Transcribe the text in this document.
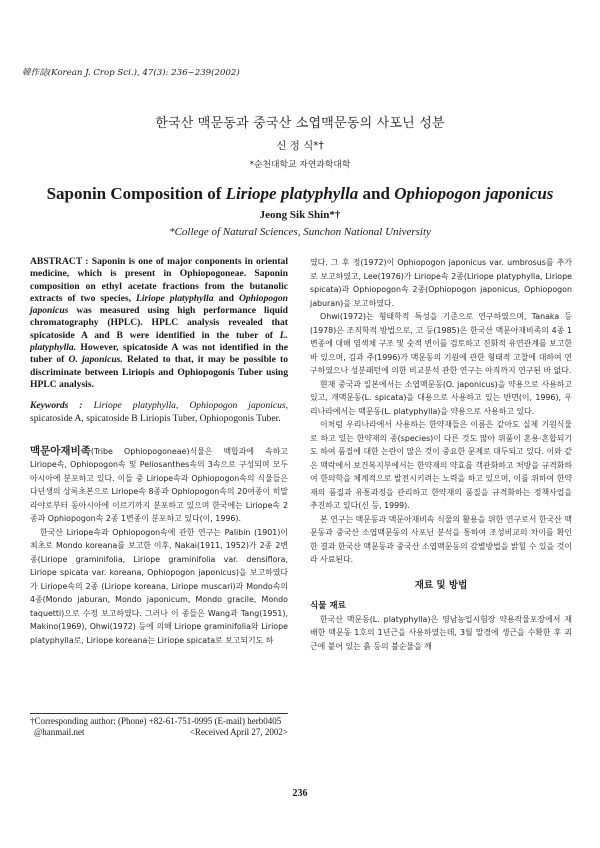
韓作誌(Korean J. Crop Sci.), 47(3): 236~239(2002)
한국산 맥문동과 중국산 소엽맥문동의 사포닌 성분
신 정 식*†
*순천대학교 자연과학대학
Saponin Composition of Liriope platyphylla and Ophiopogon japonicus
Jeong Sik Shin*†
*College of Natural Sciences, Sunchon National University

ABSTRACT : Saponin is one of major conponents in oriental medicine, which is present in Ophiopogoneae. Saponin composition on ethyl acetate fractions from the butanolic extracts of two species, Liriope platyphylla and Ophiopogon japonicus was measured using high performance liquid chromatography (HPLC). HPLC analysis revealed that spicatoside A and B were identified in the tuber of L. platyphylla. However, spicatoside A was not identified in the tuber of O. japonicus. Related to that, it may be possible to discriminate between Liriopis and Ophiopogonis Tuber using HPLC analysis.

Keywords : Liriope platyphylla, Ophiopogon japonicus, spicatoside A, spicatoside B Liriopis Tuber, Ophiopogonis Tuber.

맥문아재비족(Tribe Ophiopogoneae)식물은 백합과에 속하고 Liriope속, Ophiopogon속 및 Peliosanthes속의 3속으로 구성되며 모두 아시아에 분포하고 있다. 이들 중 Liriope속과 Ophiopogon속의 식물들은 다년생의 상록초본으로 Liriope속 8종과 Ophiopogon속의 20여종이 히말라야로부터 동아시아에 이르기까지 분포하고 있으며 한국에는 Liriope속 2종과 Ophiopogon속 2종 1변종이 분포하고 있다(이, 1996).

한국산 Liriope속과 Ophiopogon속에 관한 연구는 Palibin (1901)이 최초로 Mondo koreana를 보고한 이후, Nakai(1911, 1952)가 2종 2변종(Liriope graminifolia, Liriope graminifolia var. densiflora, Liriope spicata var. koreana, Ophiopogon japonicus)을 보고하였다가 Liriope속의 2종 (Liriope koreana, Liriope muscari)과 Mondo속의 4종(Mondo jaburan, Mondo japonicum, Mondo gracile, Mondo taquetti)으로 수정 보고하였다. 그러나 이 종들은 Wang과 Tang(1951), Makino(1969), Ohwi(1972) 등에 의해 Liriope graminifolia와 Liriope platyphylla로, Liriope koreana는 Liriope spicata로 보고되기도 하

였다. 그 후 정(1972)이 Ophiopogon japonicus var. umbrosus를 추가로 보고하였고, Lee(1976)가 Liriope속 2종(Liriope platyphylla, Liriope spicata)과 Ophiopogon속 2종(Ophiopogon japonicus, Ophiopogon jaburan)을 보고하였다.

Ohwi(1972)는 형태학적 특성을 기준으로 연구하였으며, Tanaka 등(1978)은 조직학적 방법으로, 고 등(1985)은 한국산 맥문아재비족의 4종 1변종에 대해 염색체 구조 및 숫적 변이를 검토하고 진화적 유연관계를 보고한 바 있으며, 김과 주(1996)가 맥문동의 기원에 관한 형태적 고찰에 대하여 연구하였으나 성분패턴에 의한 비교분석 관한 연구는 아직까지 연구된 바 없다.

현재 중국과 일본에서는 소엽맥문동(O. japonicus)을 약용으로 사용하고 있고, 개맥문동(L. spicata)을 대용으로 사용하고 있는 반면(이, 1996), 우리나라에서는 맥문동(L. platyphylla)을 약용으로 사용하고 있다.

이처럼 우리나라에서 사용하는 한약재들은 이름은 같아도 실제 기원식물로 하고 있는 한약재의 종(species)이 다른 것도 많아 위품이 혼용·혼합되기도 하여 품질에 대한 논란이 많은 것이 중요한 문제로 대두되고 있다. 이와 같은 맥락에서 보건복지부에서는 한약재의 약효를 객관화하고 처방을 규격화하여 한의학을 체계적으로 발전시키려는 노력을 하고 있으며, 이를 위하여 한약재의 품질과 유통과정을 관리하고 한약재의 품질을 규격화하는 정책사업을 추진하고 있다(신 등, 1999).

본 연구는 맥문동과 맥문아재비속 식물의 활용을 위한 연구로서 한국산 맥문동과 중국산 소엽맥문동의 사포닌 분석을 통하여 조성비교의 차이를 확인한 결과 한국산 맥문동과 중국산 소엽맥문동의 감별방법을 밝힐 수 있을 것이라 사료된다.

재료 및 방법
식물 재료

한국산 맥문동(L. platyphylla)은 영남농업시험장 약용작물포장에서 재배한 맥문동 1호의 1년근을 사용하였는데, 3월 말경에 생근을 수확한 후 괴근에 붙어 있는 흙 등의 불순물을 깨

†Corresponding author: (Phone) +82-61-751-0995 (E-mail) herb0405
@hanmail.net	<Received April 27, 2002>
236
